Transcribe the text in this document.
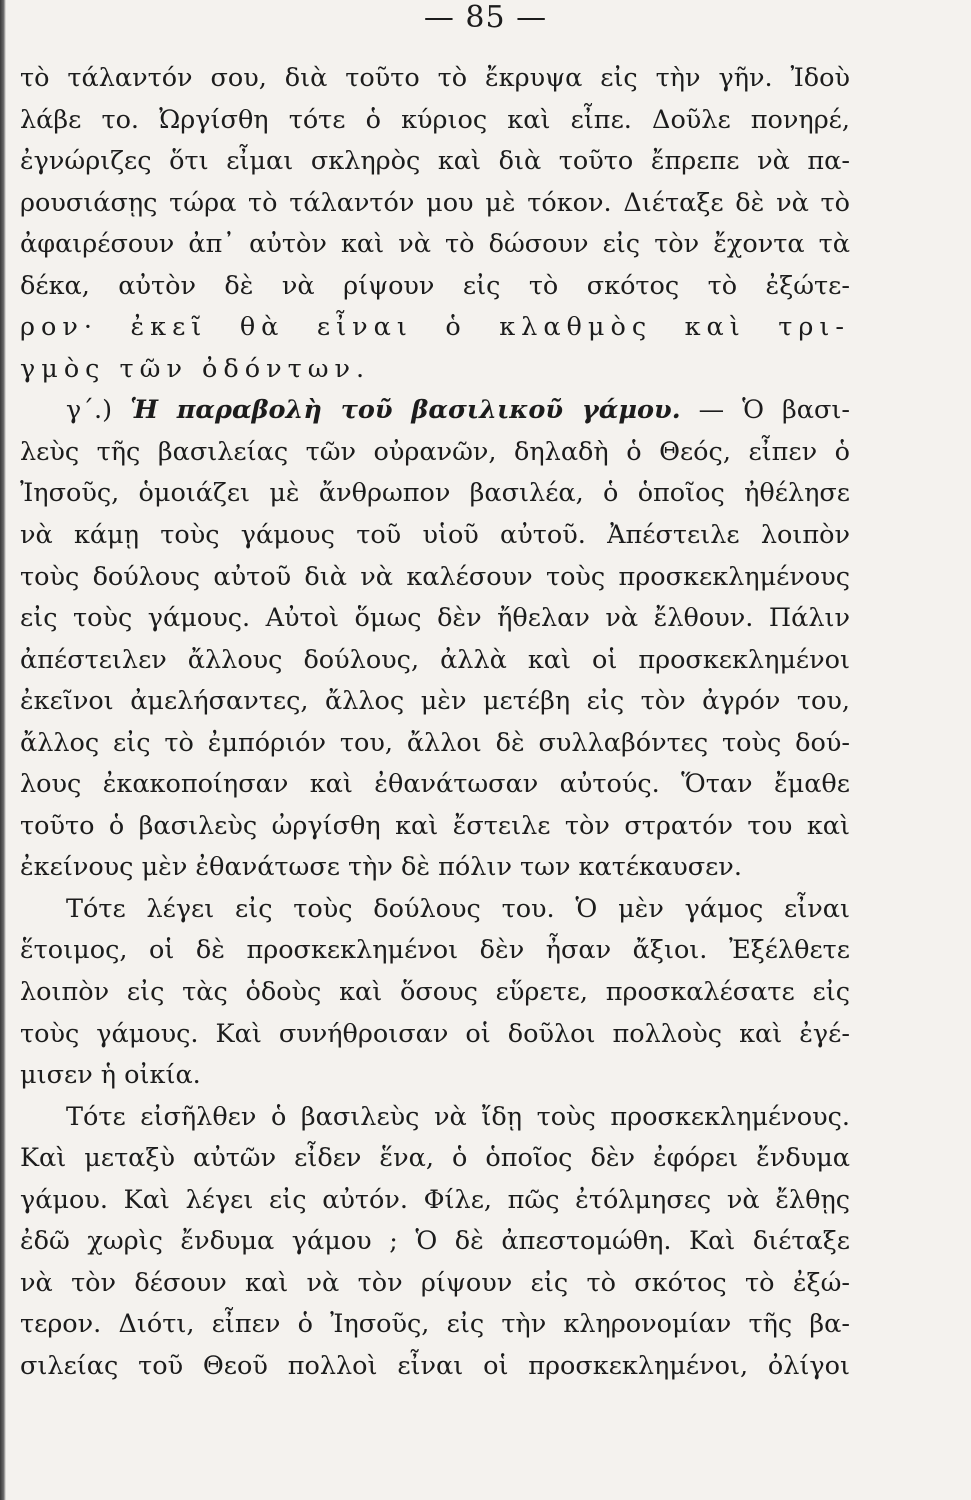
— 85 —
τὸ τάλαντόν σου, διὰ τοῦτο τὸ ἔκρυψα εἰς τὴν γῆν. Ἰδοὺ
λάβε το. Ὠργίσθη τότε ὁ κύριος καὶ εἶπε. Δοῦλε πονηρέ,
ἐγνώριζες ὅτι εἶμαι σκληρὸς καὶ διὰ τοῦτο ἔπρεπε νὰ πα-
ρουσιάσῃς τώρα τὸ τάλαντόν μου μὲ τόκον. Διέταξε δὲ νὰ τὸ
ἀφαιρέσουν ἀπ᾽ αὐτὸν καὶ νὰ τὸ δώσουν εἰς τὸν ἔχοντα τὰ
δέκα, αὐτὸν δὲ νὰ ρίψουν εἰς τὸ σκότος τὸ ἐξώτε-
ρον· ἐκεῖ θὰ εἶναι ὁ κλαθμὸς καὶ τρι-
γμὸς τῶν ὀδόντων.
γ΄.) Ἡ παραβολὴ τοῦ βασιλικοῦ γάμου. — Ὁ βασι-
λεὺς τῆς βασιλείας τῶν οὐρανῶν, δηλαδὴ ὁ Θεός, εἶπεν ὁ
Ἰησοῦς, ὁμοιάζει μὲ ἄνθρωπον βασιλέα, ὁ ὁποῖος ἠθέλησε
νὰ κάμῃ τοὺς γάμους τοῦ υἱοῦ αὐτοῦ. Ἀπέστειλε λοιπὸν
τοὺς δούλους αὐτοῦ διὰ νὰ καλέσουν τοὺς προσκεκλημένους
εἰς τοὺς γάμους. Αὐτοὶ ὅμως δὲν ἤθελαν νὰ ἔλθουν. Πάλιν
ἀπέστειλεν ἄλλους δούλους, ἀλλὰ καὶ οἱ προσκεκλημένοι
ἐκεῖνοι ἀμελήσαντες, ἄλλος μὲν μετέβη εἰς τὸν ἀγρόν του,
ἄλλος εἰς τὸ ἐμπόριόν του, ἄλλοι δὲ συλλαβόντες τοὺς δού-
λους ἐκακοποίησαν καὶ ἐθανάτωσαν αὐτούς. Ὅταν ἔμαθε
τοῦτο ὁ βασιλεὺς ὠργίσθη καὶ ἔστειλε τὸν στρατόν του καὶ
ἐκείνους μὲν ἐθανάτωσε τὴν δὲ πόλιν των κατέκαυσεν.
Τότε λέγει εἰς τοὺς δούλους του. Ὁ μὲν γάμος εἶναι
ἕτοιμος, οἱ δὲ προσκεκλημένοι δὲν ἦσαν ἄξιοι. Ἐξέλθετε
λοιπὸν εἰς τὰς ὁδοὺς καὶ ὅσους εὕρετε, προσκαλέσατε εἰς
τοὺς γάμους. Καὶ συνήθροισαν οἱ δοῦλοι πολλοὺς καὶ ἐγέ-
μισεν ἡ οἰκία.
Τότε εἰσῆλθεν ὁ βασιλεὺς νὰ ἴδῃ τοὺς προσκεκλημένους.
Καὶ μεταξὺ αὐτῶν εἶδεν ἕνα, ὁ ὁποῖος δὲν ἐφόρει ἔνδυμα
γάμου. Καὶ λέγει εἰς αὐτόν. Φίλε, πῶς ἐτόλμησες νὰ ἔλθῃς
ἐδῶ χωρὶς ἔνδυμα γάμου ; Ὁ δὲ ἀπεστομώθη. Καὶ διέταξε
νὰ τὸν δέσουν καὶ νὰ τὸν ρίψουν εἰς τὸ σκότος τὸ ἐξώ-
τερον. Διότι, εἶπεν ὁ Ἰησοῦς, εἰς τὴν κληρονομίαν τῆς βα-
σιλείας τοῦ Θεοῦ πολλοὶ εἶναι οἱ προσκεκλημένοι, ὀλίγοι
